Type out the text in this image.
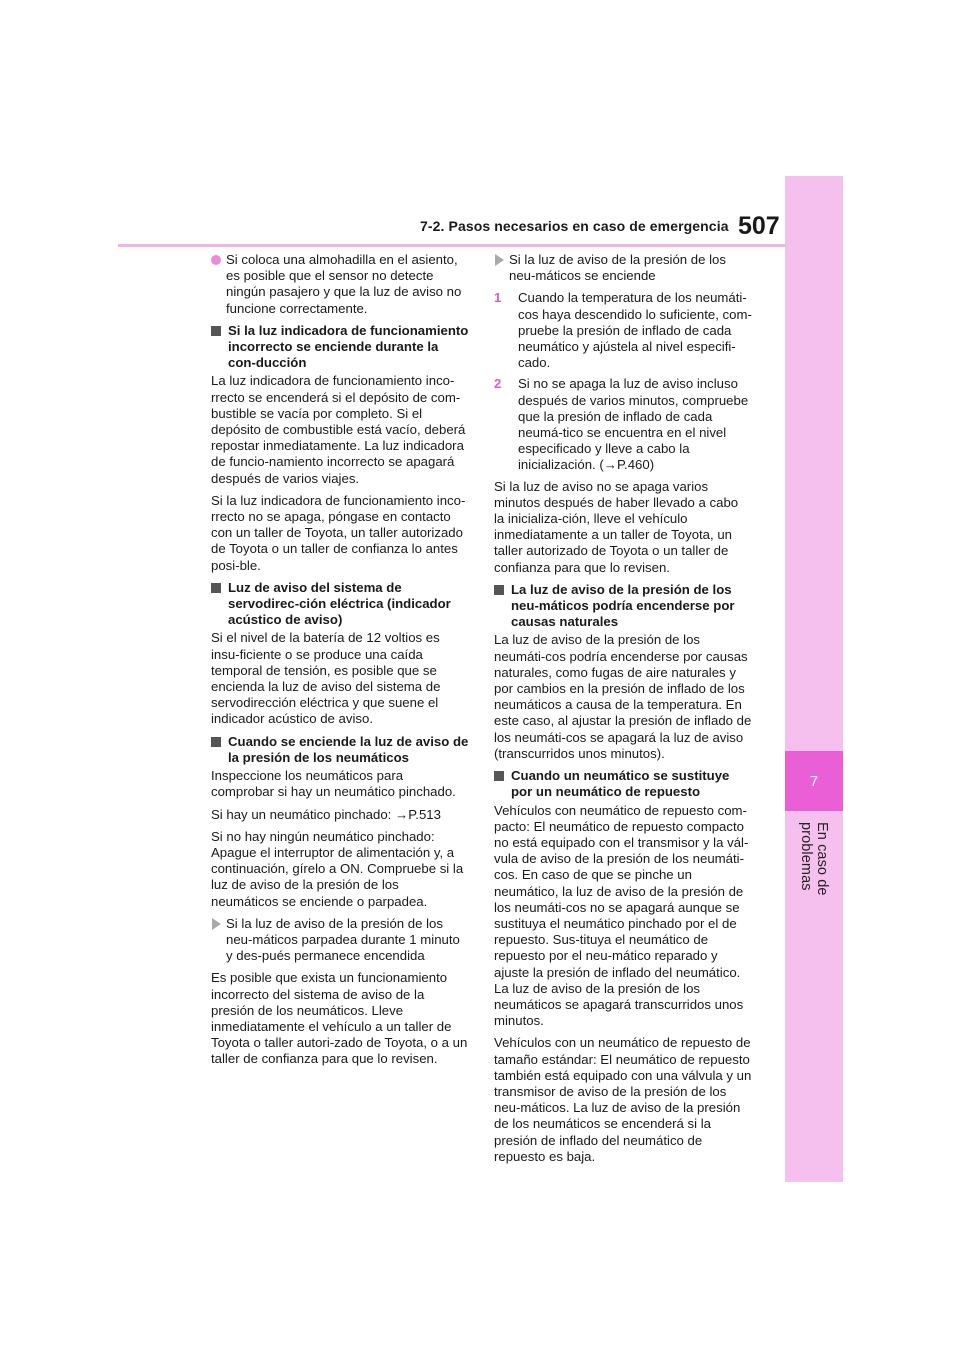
7
En caso de problemas
7-2. Pasos necesarios en caso de emergencia 507
Si coloca una almohadilla en el asiento, es posible que el sensor no detecte ningún pasajero y que la luz de aviso no funcione correctamente.
Si la luz indicadora de funcionamiento incorrecto se enciende durante la con-ducción

La luz indicadora de funcionamiento inco-rrecto se encenderá si el depósito de com-bustible se vacía por completo. Si el depósito de combustible está vacío, deberá repostar inmediatamente. La luz indicadora de funcio-namiento incorrecto se apagará después de varios viajes.

Si la luz indicadora de funcionamiento inco-rrecto no se apaga, póngase en contacto con un taller de Toyota, un taller autorizado de Toyota o un taller de confianza lo antes posi-ble.

Luz de aviso del sistema de servodirec-ción eléctrica (indicador acústico de aviso)

Si el nivel de la batería de 12 voltios es insu-ficiente o se produce una caída temporal de tensión, es posible que se encienda la luz de aviso del sistema de servodirección eléctrica y que suene el indicador acústico de aviso.

Cuando se enciende la luz de aviso de la presión de los neumáticos

Inspeccione los neumáticos para comprobar si hay un neumático pinchado.

Si hay un neumático pinchado: →P.513

Si no hay ningún neumático pinchado: Apague el interruptor de alimentación y, a continuación, gírelo a ON. Compruebe si la luz de aviso de la presión de los neumáticos se enciende o parpadea.

Si la luz de aviso de la presión de los neu-máticos parpadea durante 1 minuto y des-pués permanece encendida

Es posible que exista un funcionamiento incorrecto del sistema de aviso de la presión de los neumáticos. Lleve inmediatamente el vehículo a un taller de Toyota o taller autori-zado de Toyota, o a un taller de confianza para que lo revisen.

Si la luz de aviso de la presión de los neu-máticos se enciende
1	Cuando la temperatura de los neumáti-cos haya descendido lo suficiente, com-pruebe la presión de inflado de cada neumático y ajústela al nivel especifi-cado.
2	Si no se apaga la luz de aviso incluso después de varios minutos, compruebe que la presión de inflado de cada neumá-tico se encuentra en el nivel especificado y lleve a cabo la inicialización. (→P.460)

Si la luz de aviso no se apaga varios minutos después de haber llevado a cabo la inicializa-ción, lleve el vehículo inmediatamente a un taller de Toyota, un taller autorizado de Toyota o un taller de confianza para que lo revisen.

La luz de aviso de la presión de los neu-máticos podría encenderse por causas naturales

La luz de aviso de la presión de los neumáti-cos podría encenderse por causas naturales, como fugas de aire naturales y por cambios en la presión de inflado de los neumáticos a causa de la temperatura. En este caso, al ajustar la presión de inflado de los neumáti-cos se apagará la luz de aviso (transcurridos unos minutos).

Cuando un neumático se sustituye por un neumático de repuesto

Vehículos con neumático de repuesto com-pacto: El neumático de repuesto compacto no está equipado con el transmisor y la vál-vula de aviso de la presión de los neumáti-cos. En caso de que se pinche un neumático, la luz de aviso de la presión de los neumáti-cos no se apagará aunque se sustituya el neumático pinchado por el de repuesto. Sus-tituya el neumático de repuesto por el neu-mático reparado y ajuste la presión de inflado del neumático. La luz de aviso de la presión de los neumáticos se apagará transcurridos unos minutos.

Vehículos con un neumático de repuesto de tamaño estándar: El neumático de repuesto también está equipado con una válvula y un transmisor de aviso de la presión de los neu-máticos. La luz de aviso de la presión de los neumáticos se encenderá si la presión de inflado del neumático de repuesto es baja.
